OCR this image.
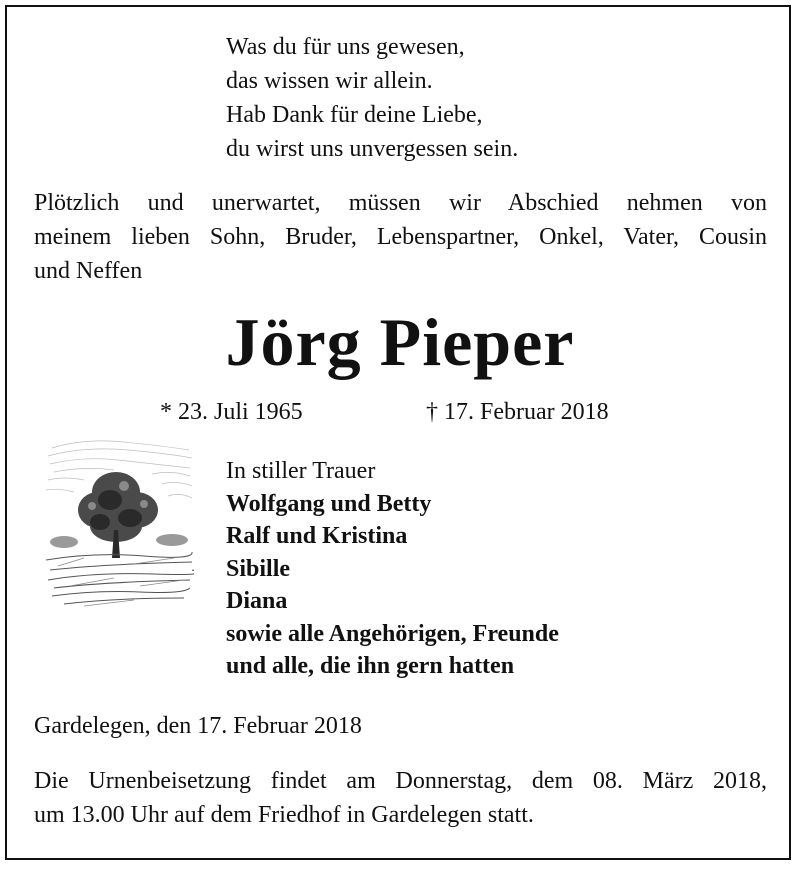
Was du für uns gewesen,
das wissen wir allein.
Hab Dank für deine Liebe,
du wirst uns unvergessen sein.
Plötzlich und unerwartet, müssen wir Abschied nehmen von
meinem lieben Sohn, Bruder, Lebenspartner, Onkel, Vater, Cousin
und Neffen
Jörg Pieper
* 23. Juli 1965	† 17. Februar 2018
In stiller Trauer
Wolfgang und Betty
Ralf und Kristina
Sibille
Diana
sowie alle Angehörigen, Freunde
und alle, die ihn gern hatten
Gardelegen, den 17. Februar 2018
Die Urnenbeisetzung findet am Donnerstag, dem 08. März 2018,
um 13.00 Uhr auf dem Friedhof in Gardelegen statt.
